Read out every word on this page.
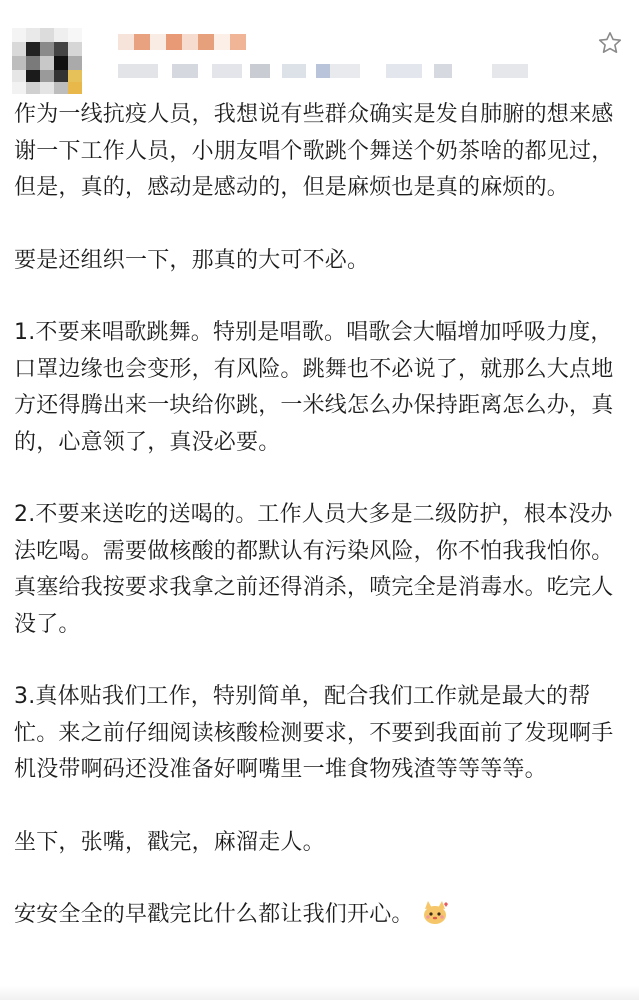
作为一线抗疫人员，我想说有些群众确实是发自肺腑的想来感谢一下工作人员，小朋友唱个歌跳个舞送个奶茶啥的都见过，但是，真的，感动是感动的，但是麻烦也是真的麻烦的。

要是还组织一下，那真的大可不必。

1.不要来唱歌跳舞。特别是唱歌。唱歌会大幅增加呼吸力度，口罩边缘也会变形，有风险。跳舞也不必说了，就那么大点地方还得腾出来一块给你跳，一米线怎么办保持距离怎么办，真的，心意领了，真没必要。

2.不要来送吃的送喝的。工作人员大多是二级防护，根本没办法吃喝。需要做核酸的都默认有污染风险，你不怕我我怕你。真塞给我按要求我拿之前还得消杀，喷完全是消毒水。吃完人没了。

3.真体贴我们工作，特别简单，配合我们工作就是最大的帮忙。来之前仔细阅读核酸检测要求，不要到我面前了发现啊手机没带啊码还没准备好啊嘴里一堆食物残渣等等等等。

坐下，张嘴，戳完，麻溜走人。

安安全全的早戳完比什么都让我们开心。
